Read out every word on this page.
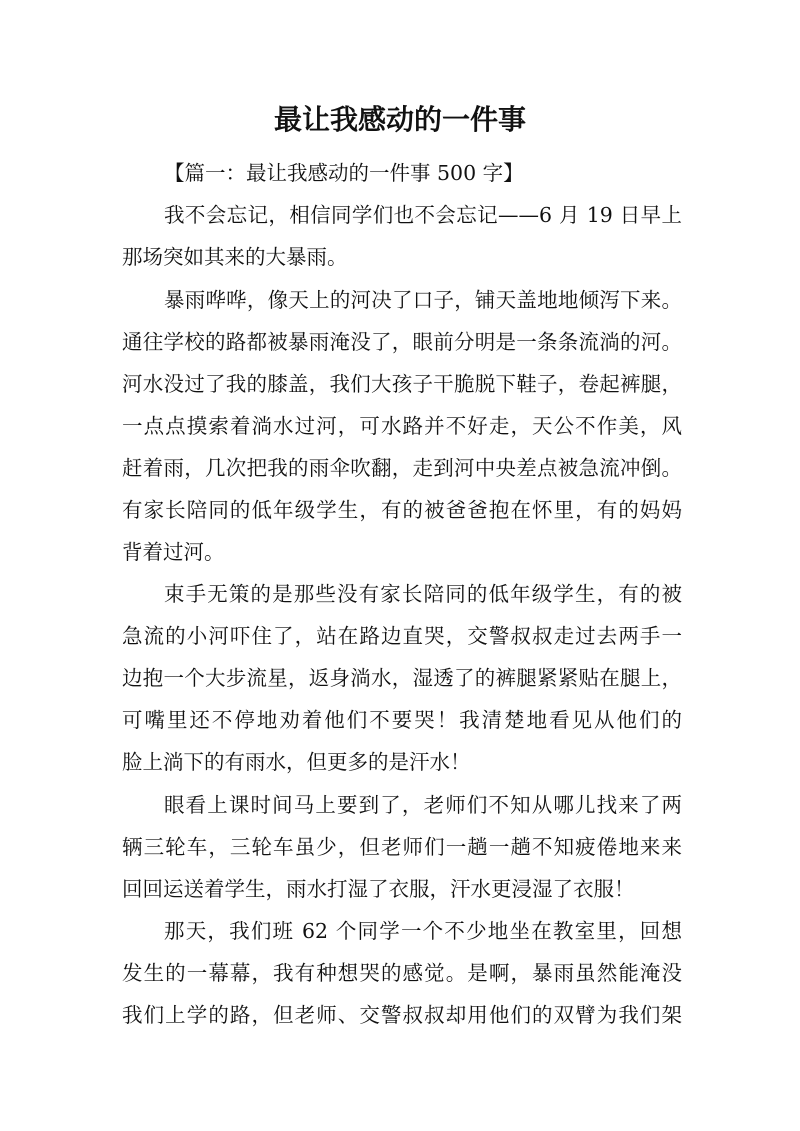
最让我感动的一件事
【篇一：最让我感动的一件事 500 字】
我不会忘记，相信同学们也不会忘记——6 月 19 日早上
那场突如其来的大暴雨。
暴雨哗哗，像天上的河决了口子，铺天盖地地倾泻下来。
通往学校的路都被暴雨淹没了，眼前分明是一条条流淌的河。
河水没过了我的膝盖，我们大孩子干脆脱下鞋子，卷起裤腿，
一点点摸索着淌水过河，可水路并不好走，天公不作美，风
赶着雨，几次把我的雨伞吹翻，走到河中央差点被急流冲倒。
有家长陪同的低年级学生，有的被爸爸抱在怀里，有的妈妈
背着过河。
束手无策的是那些没有家长陪同的低年级学生，有的被
急流的小河吓住了，站在路边直哭，交警叔叔走过去两手一
边抱一个大步流星，返身淌水，湿透了的裤腿紧紧贴在腿上，
可嘴里还不停地劝着他们不要哭！我清楚地看见从他们的
脸上淌下的有雨水，但更多的是汗水！
眼看上课时间马上要到了，老师们不知从哪儿找来了两
辆三轮车，三轮车虽少，但老师们一趟一趟不知疲倦地来来
回回运送着学生，雨水打湿了衣服，汗水更浸湿了衣服！
那天，我们班 62 个同学一个不少地坐在教室里，回想
发生的一幕幕，我有种想哭的感觉。是啊，暴雨虽然能淹没
我们上学的路，但老师、交警叔叔却用他们的双臂为我们架
